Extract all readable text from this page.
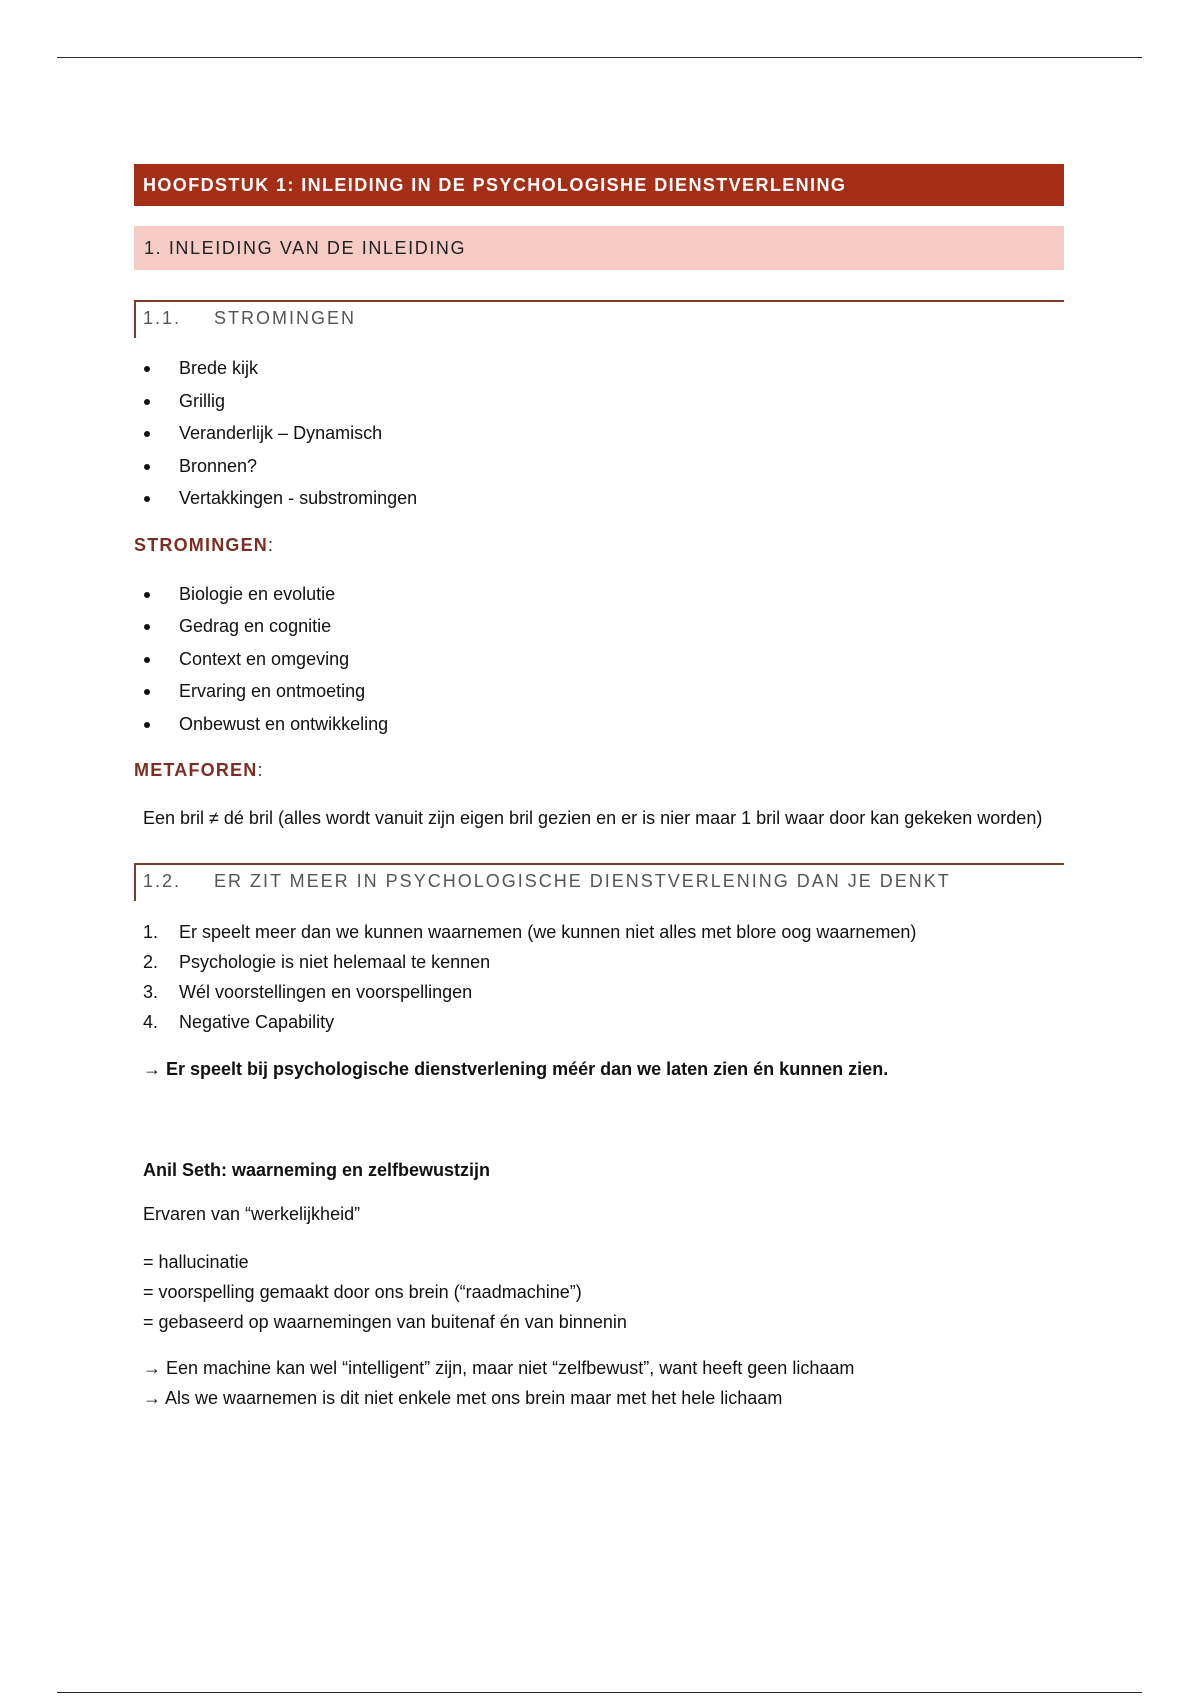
HOOFDSTUK 1: INLEIDING IN DE PSYCHOLOGISHE DIENSTVERLENING
1. INLEIDING VAN DE INLEIDING
1.1. STROMINGEN
Brede kijk
Grillig
Veranderlijk – Dynamisch
Bronnen?
Vertakkingen - substromingen
STROMINGEN:
Biologie en evolutie
Gedrag en cognitie
Context en omgeving
Ervaring en ontmoeting
Onbewust en ontwikkeling
METAFOREN:

Een bril ≠ dé bril (alles wordt vanuit zijn eigen bril gezien en er is nier maar 1 bril waar door kan gekeken worden)

1.2. ER ZIT MEER IN PSYCHOLOGISCHE DIENSTVERLENING DAN JE DENKT
1. Er speelt meer dan we kunnen waarnemen (we kunnen niet alles met blore oog waarnemen)
2. Psychologie is niet helemaal te kennen
3. Wél voorstellingen en voorspellingen
4. Negative Capability
→ Er speelt bij psychologische dienstverlening méér dan we laten zien én kunnen zien.
Anil Seth: waarneming en zelfbewustzijn

Ervaren van “werkelijkheid”

= hallucinatie
= voorspelling gemaakt door ons brein (“raadmachine”)
= gebaseerd op waarnemingen van buitenaf én van binnenin
→ Een machine kan wel “intelligent” zijn, maar niet “zelfbewust”, want heeft geen lichaam
→ Als we waarnemen is dit niet enkele met ons brein maar met het hele lichaam
